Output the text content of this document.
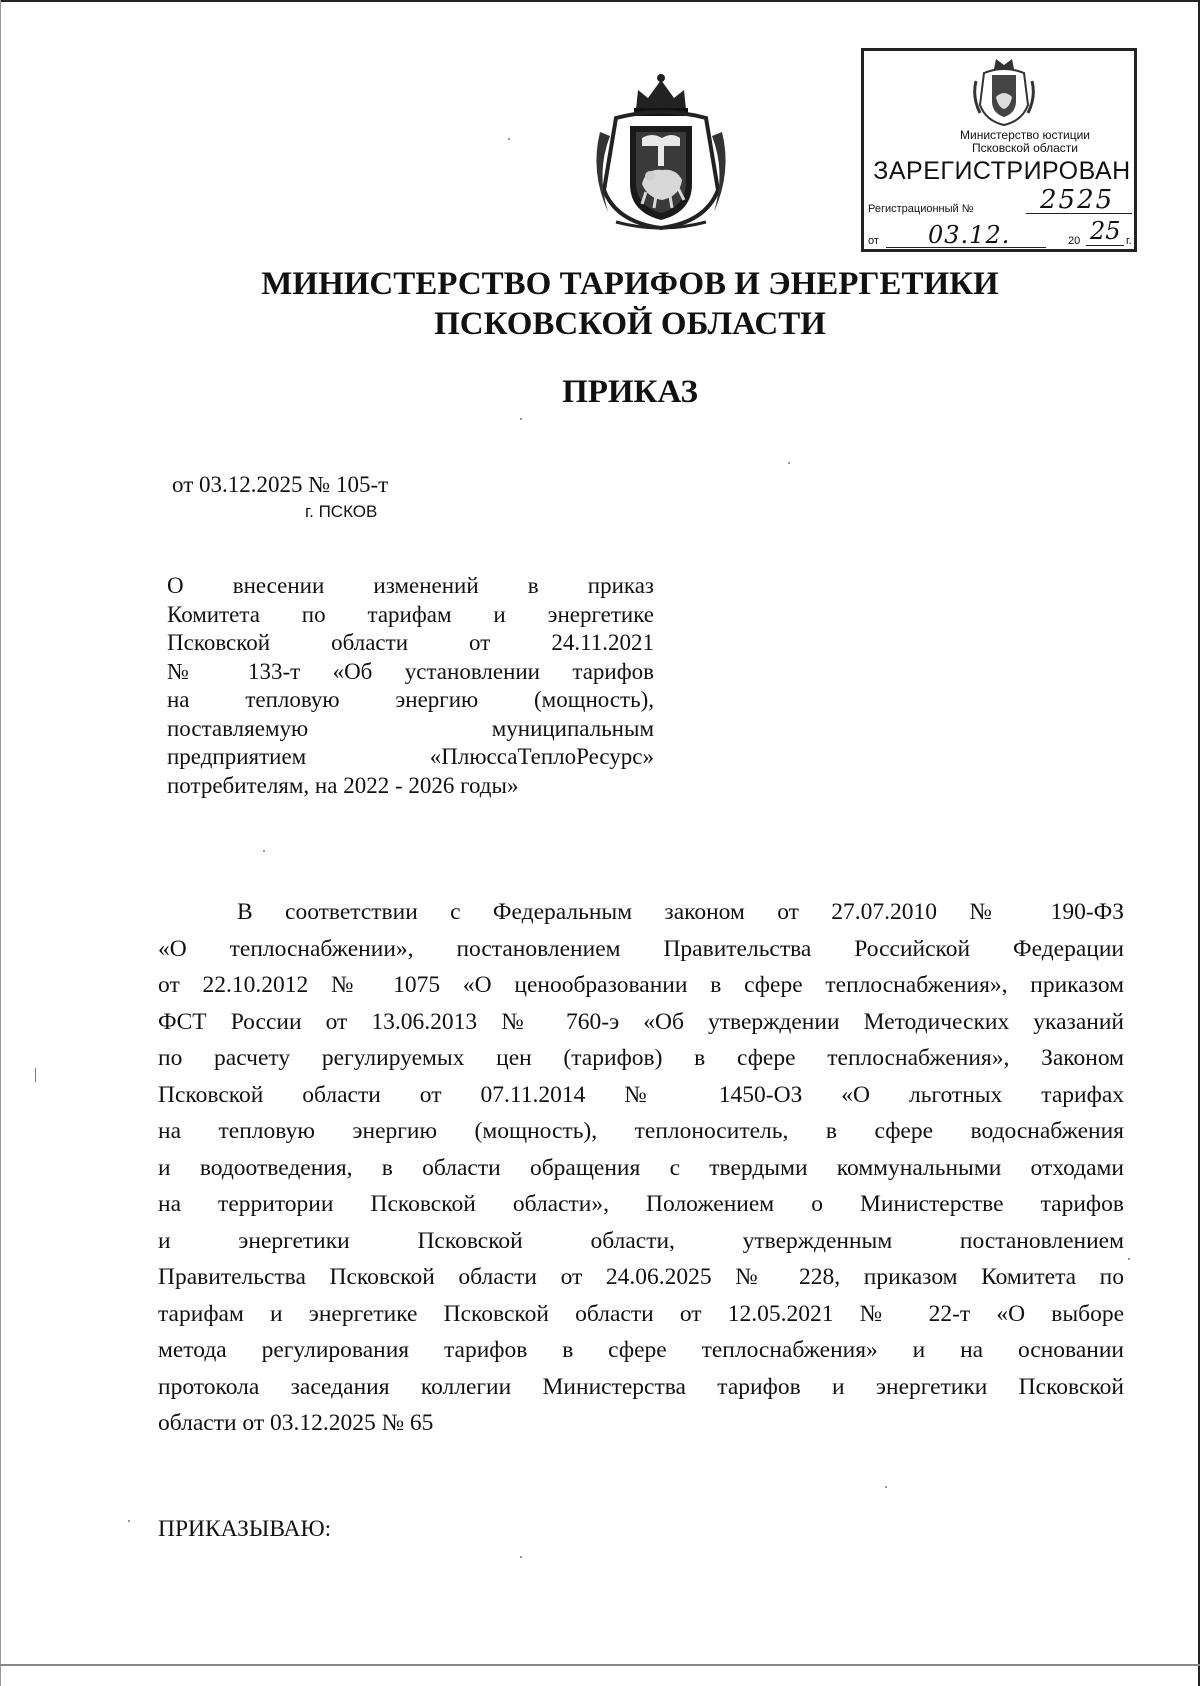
Министерство юстиции
Псковской области
ЗАРЕГИСТРИРОВАН
Регистрационный №	2525
от 03.12.	20 25 г.
МИНИСТЕРСТВО ТАРИФОВ И ЭНЕРГЕТИКИ
ПСКОВСКОЙ ОБЛАСТИ
ПРИКАЗ
от 03.12.2025 № 105-т
г. ПСКОВ
О внесении изменений в приказ
Комитета по тарифам и энергетике
Псковской области от 24.11.2021
№ 133-т «Об установлении тарифов
на тепловую энергию (мощность),
поставляемую муниципальным
предприятием «ПлюссаТеплоРесурс»
потребителям, на 2022 - 2026 годы»
В соответствии с Федеральным законом от 27.07.2010 № 190-ФЗ
«О теплоснабжении», постановлением Правительства Российской Федерации
от 22.10.2012 № 1075 «О ценообразовании в сфере теплоснабжения», приказом
ФСТ России от 13.06.2013 № 760-э «Об утверждении Методических указаний
по расчету регулируемых цен (тарифов) в сфере теплоснабжения», Законом
Псковской области от 07.11.2014 № 1450-ОЗ «О льготных тарифах
на тепловую энергию (мощность), теплоноситель, в сфере водоснабжения
и водоотведения, в области обращения с твердыми коммунальными отходами
на территории Псковской области», Положением о Министерстве тарифов
и энергетики Псковской области, утвержденным постановлением
Правительства Псковской области от 24.06.2025 № 228, приказом Комитета по
тарифам и энергетике Псковской области от 12.05.2021 № 22-т «О выборе
метода регулирования тарифов в сфере теплоснабжения» и на основании
протокола заседания коллегии Министерства тарифов и энергетики Псковской
области от 03.12.2025 № 65
ПРИКАЗЫВАЮ:
